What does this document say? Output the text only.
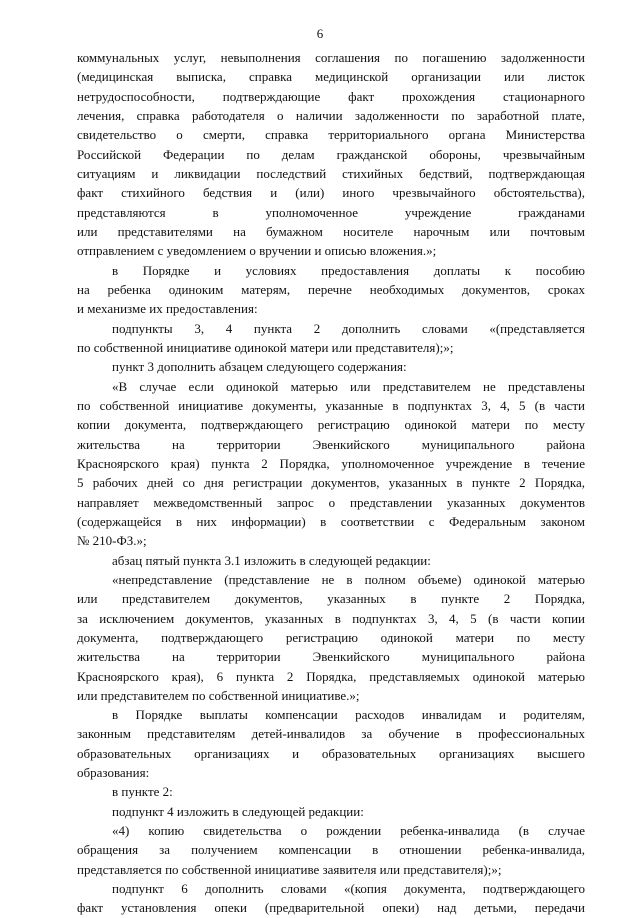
6
коммунальных услуг, невыполнения соглашения по погашению задолженности
(медицинская выписка, справка медицинской организации или листок
нетрудоспособности, подтверждающие факт прохождения стационарного
лечения, справка работодателя о наличии задолженности по заработной плате,
свидетельство о смерти, справка территориального органа Министерства
Российской Федерации по делам гражданской обороны, чрезвычайным
ситуациям и ликвидации последствий стихийных бедствий, подтверждающая
факт стихийного бедствия и (или) иного чрезвычайного обстоятельства),
представляются в уполномоченное учреждение гражданами
или представителями на бумажном носителе нарочным или почтовым
отправлением с уведомлением о вручении и описью вложения.»;
в Порядке и условиях предоставления доплаты к пособию
на ребенка одиноким матерям, перечне необходимых документов, сроках
и механизме их предоставления:
подпункты 3, 4 пункта 2 дополнить словами «(представляется
по собственной инициативе одинокой матери или представителя);»;
пункт 3 дополнить абзацем следующего содержания:
«В случае если одинокой матерью или представителем не представлены
по собственной инициативе документы, указанные в подпунктах 3, 4, 5 (в части
копии документа, подтверждающего регистрацию одинокой матери по месту
жительства на территории Эвенкийского муниципального района
Красноярского края) пункта 2 Порядка, уполномоченное учреждение в течение
5 рабочих дней со дня регистрации документов, указанных в пункте 2 Порядка,
направляет межведомственный запрос о представлении указанных документов
(содержащейся в них информации) в соответствии с Федеральным законом
№ 210-ФЗ.»;
абзац пятый пункта 3.1 изложить в следующей редакции:
«непредставление (представление не в полном объеме) одинокой матерью
или представителем документов, указанных в пункте 2 Порядка,
за исключением документов, указанных в подпунктах 3, 4, 5 (в части копии
документа, подтверждающего регистрацию одинокой матери по месту
жительства на территории Эвенкийского муниципального района
Красноярского края), 6 пункта 2 Порядка, представляемых одинокой матерью
или представителем по собственной инициативе.»;
в Порядке выплаты компенсации расходов инвалидам и родителям,
законным представителям детей-инвалидов за обучение в профессиональных
образовательных организациях и образовательных организациях высшего
образования:
в пункте 2:
подпункт 4 изложить в следующей редакции:
«4) копию свидетельства о рождении ребенка-инвалида (в случае
обращения за получением компенсации в отношении ребенка-инвалида,
представляется по собственной инициативе заявителя или представителя);»;
подпункт 6 дополнить словами «(копия документа, подтверждающего
факт установления опеки (предварительной опеки) над детьми, передачи
